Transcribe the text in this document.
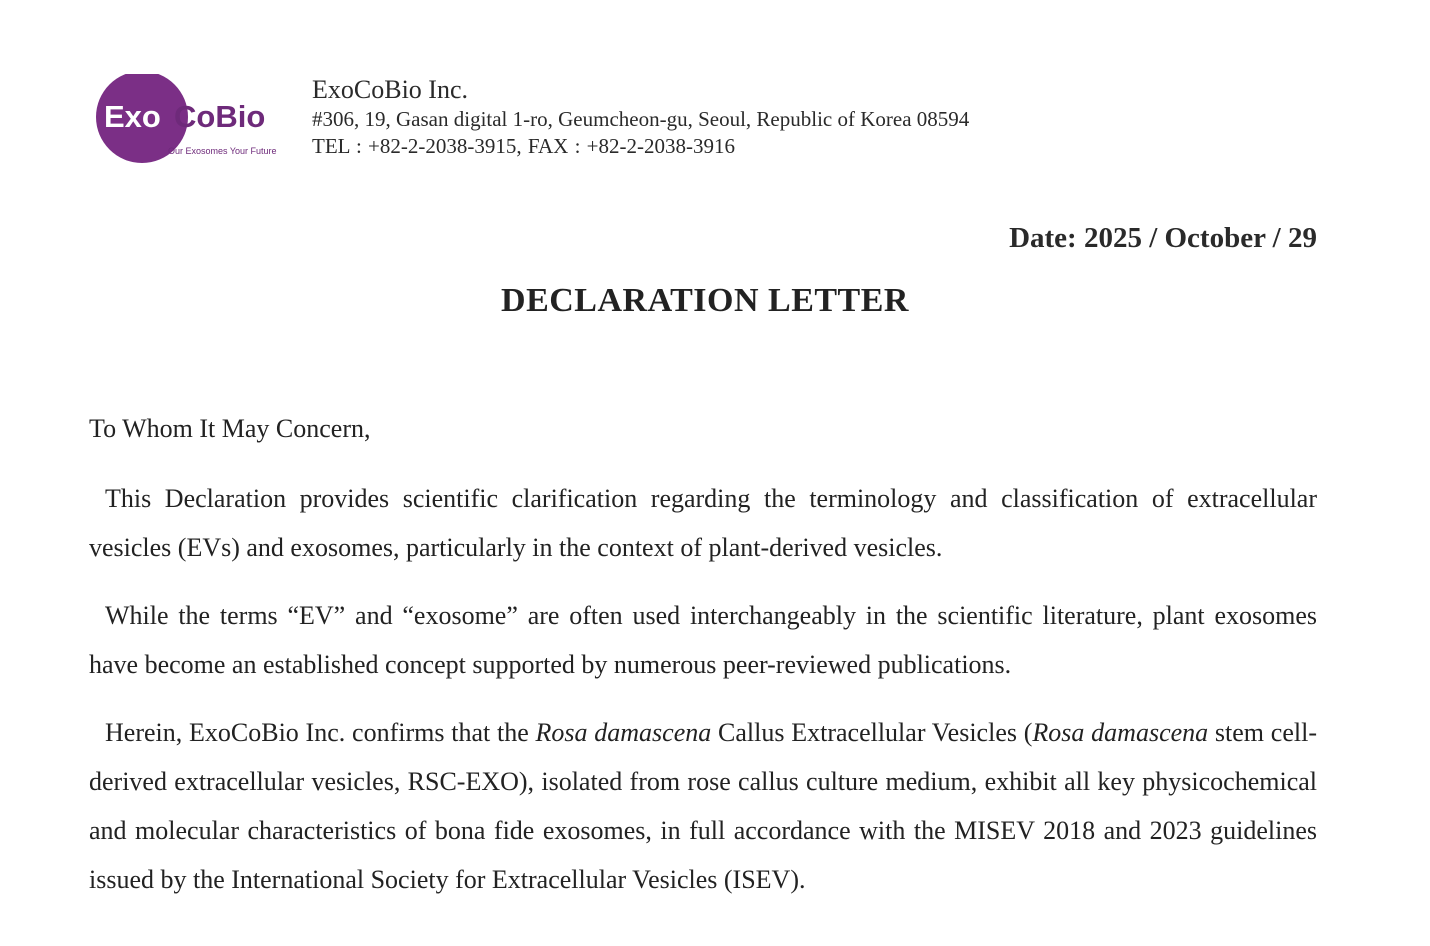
Exo CoBio
Our Exosomes Your Future
ExoCoBio Inc.
#306, 19, Gasan digital 1-ro, Geumcheon-gu, Seoul, Republic of Korea 08594
TEL : +82-2-2038-3915, FAX : +82-2-2038-3916
Date: 2025 / October / 29
DECLARATION LETTER
To Whom It May Concern,

This Declaration provides scientific clarification regarding the terminology and classification of extracellular vesicles (EVs) and exosomes, particularly in the context of plant-derived vesicles.

While the terms “EV” and “exosome” are often used interchangeably in the scientific literature, plant exosomes have become an established concept supported by numerous peer-reviewed publications.

Herein, ExoCoBio Inc. confirms that the Rosa damascena Callus Extracellular Vesicles (Rosa damascena stem cell-derived extracellular vesicles, RSC-EXO), isolated from rose callus culture medium, exhibit all key physicochemical and molecular characteristics of bona fide exosomes, in full accordance with the MISEV 2018 and 2023 guidelines issued by the International Society for Extracellular Vesicles (ISEV).
